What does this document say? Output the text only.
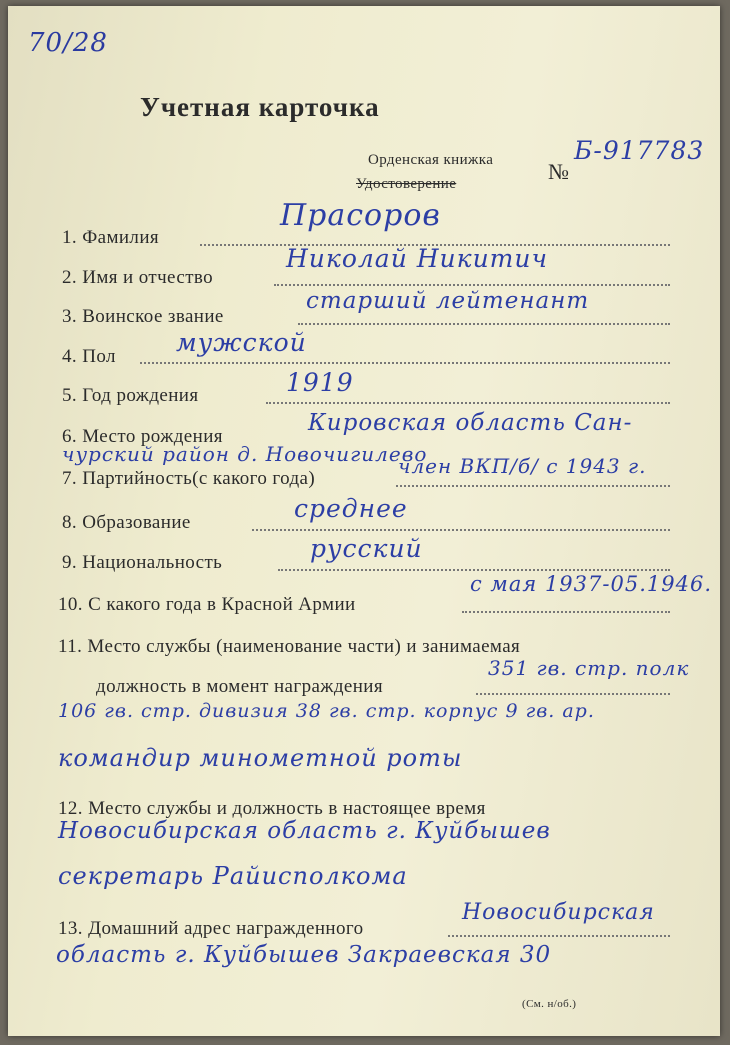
70/28
Учетная карточка
Орденская книжка
Удостоверение	№
Б-917783
1. Фамилия
Прасоров
2. Имя и отчество
Николай Никитич
3. Воинское звание
старший лейтенант
4. Пол мужской
5. Год рождения	1919
6. Место рождения
Кировская область Сан-
чурский район д. Новочигилево
7. Партийность(с какого года)
член ВКП/б/ с 1943 г.
8. Образование	среднее
9. Национальность	русский
10. С какого года в Красной Армии
с мая 1937-05.1946.
11. Место службы (наименование части) и занимаемая
должность в момент награждения
351 гв. стр. полк
106 гв. стр. дивизия 38 гв. стр. корпус 9 гв. ар.
командир минометной роты
12. Место службы и должность в настоящее время
Новосибирская область г. Куйбышев
секретарь Райисполкома
13. Домашний адрес награжденного
Новосибирская
область г. Куйбышев Закраевская 30
(См. н/об.)
